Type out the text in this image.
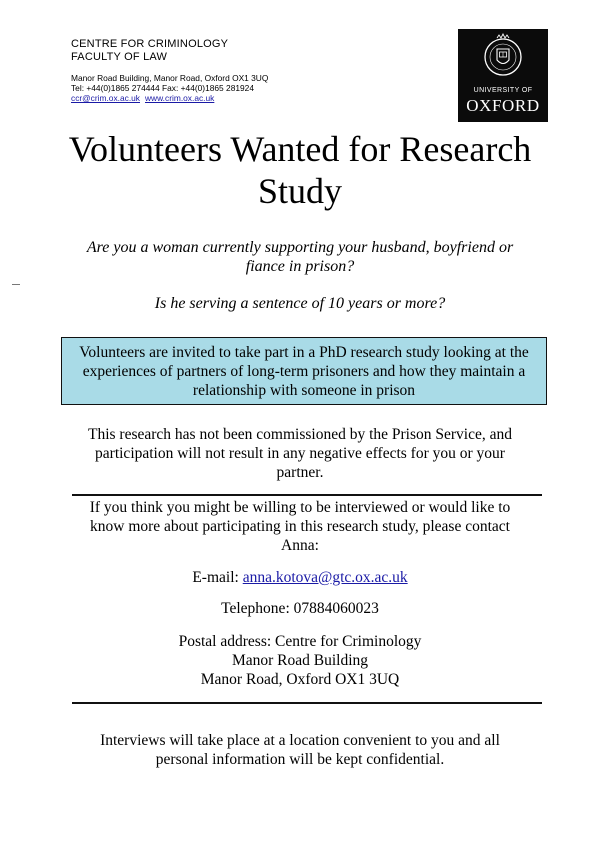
CENTRE FOR CRIMINOLOGY
FACULTY OF LAW
Manor Road Building, Manor Road, Oxford OX1 3UQ
Tel: +44(0)1865 274444 Fax: +44(0)1865 281924
ccr@crim.ox.ac.uk www.crim.ox.ac.uk
UNIVERSITY OF
OXFORD
Volunteers Wanted for Research
Study
Are you a woman currently supporting your husband, boyfriend or
fiance in prison?
Is he serving a sentence of 10 years or more?
Volunteers are invited to take part in a PhD research study looking at the
experiences of partners of long-term prisoners and how they maintain a
relationship with someone in prison
This research has not been commissioned by the Prison Service, and
participation will not result in any negative effects for you or your
partner.
If you think you might be willing to be interviewed or would like to
know more about participating in this research study, please contact
Anna:
E-mail: anna.kotova@gtc.ox.ac.uk
Telephone: 07884060023
Postal address: Centre for Criminology
Manor Road Building
Manor Road, Oxford OX1 3UQ
Interviews will take place at a location convenient to you and all
personal information will be kept confidential.
